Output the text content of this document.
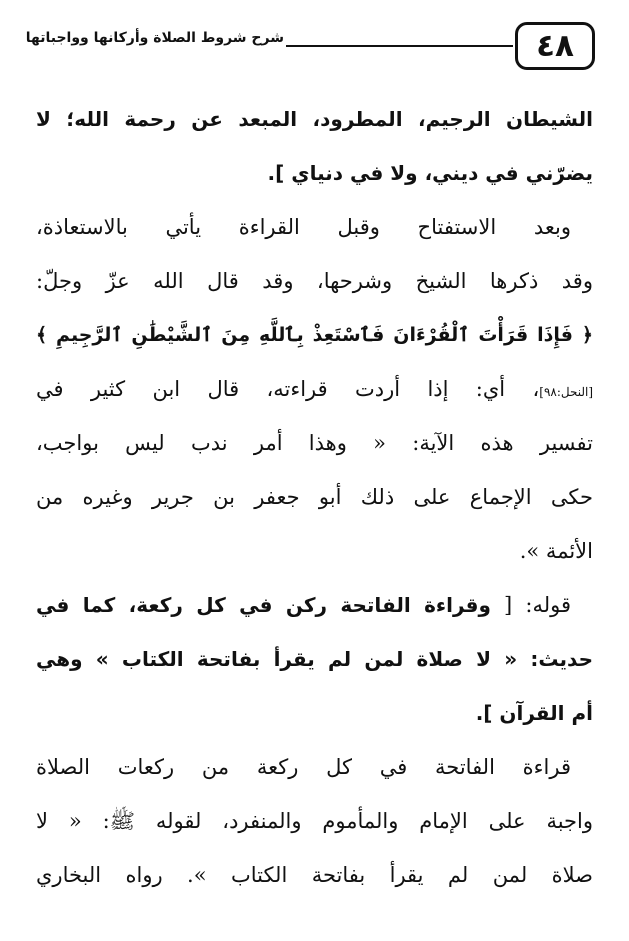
٤٨
شرح شروط الصلاة وأركانها وواجباتها
الشيطان الرجيم، المطرود، المبعد عن رحمة الله؛ لا
يضرّني في ديني، ولا في دنياي ].
وبعد الاستفتاح وقبل القراءة يأتي بالاستعاذة،
وقد ذكرها الشيخ وشرحها، وقد قال الله عزّ وجلّ:
﴿ فَإِذَا قَرَأْتَ ٱلْقُرْءَانَ فَٱسْتَعِذْ بِٱللَّهِ مِنَ ٱلشَّيْطَٰنِ ٱلرَّجِيمِ ﴾
[النحل:٩٨]، أي: إذا أردت قراءته، قال ابن كثير في
تفسير هذه الآية: « وهذا أمر ندب ليس بواجب،
حكى الإجماع على ذلك أبو جعفر بن جرير وغيره من
الأئمة ».
قوله: [ وقراءة الفاتحة ركن في كل ركعة، كما في
حديث: « لا صلاة لمن لم يقرأ بفاتحة الكتاب » وهي
أم القرآن ].
قراءة الفاتحة في كل ركعة من ركعات الصلاة
واجبة على الإمام والمأموم والمنفرد، لقوله ﷺ: « لا
صلاة لمن لم يقرأ بفاتحة الكتاب ». رواه البخاري
